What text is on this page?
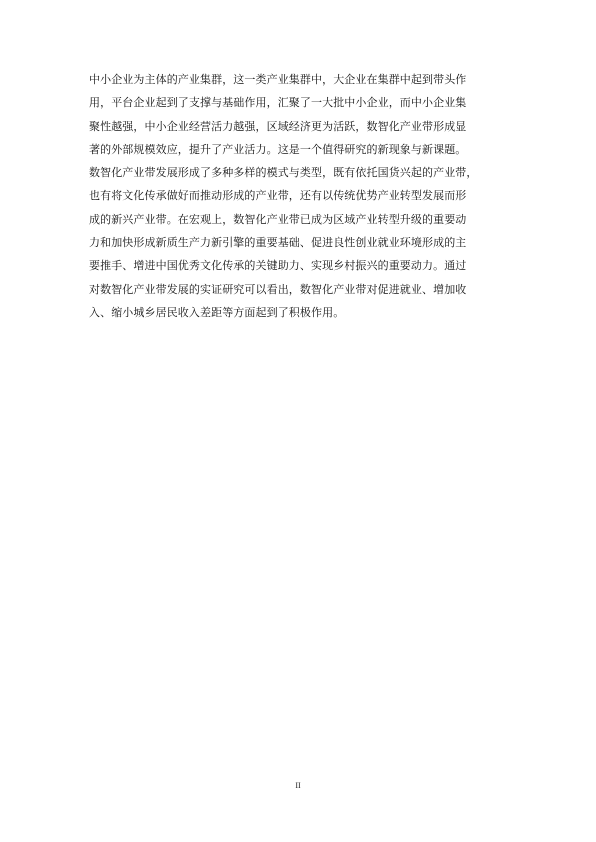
中小企业为主体的产业集群，这一类产业集群中，大企业在集群中起到带头作
用，平台企业起到了支撑与基础作用，汇聚了一大批中小企业，而中小企业集
聚性越强，中小企业经营活力越强，区域经济更为活跃，数智化产业带形成显
著的外部规模效应，提升了产业活力。这是一个值得研究的新现象与新课题。
数智化产业带发展形成了多种多样的模式与类型，既有依托国货兴起的产业带，
也有将文化传承做好而推动形成的产业带，还有以传统优势产业转型发展而形
成的新兴产业带。在宏观上，数智化产业带已成为区域产业转型升级的重要动
力和加快形成新质生产力新引擎的重要基础、促进良性创业就业环境形成的主
要推手、增进中国优秀文化传承的关键助力、实现乡村振兴的重要动力。通过
对数智化产业带发展的实证研究可以看出，数智化产业带对促进就业、增加收
入、缩小城乡居民收入差距等方面起到了积极作用。
II
